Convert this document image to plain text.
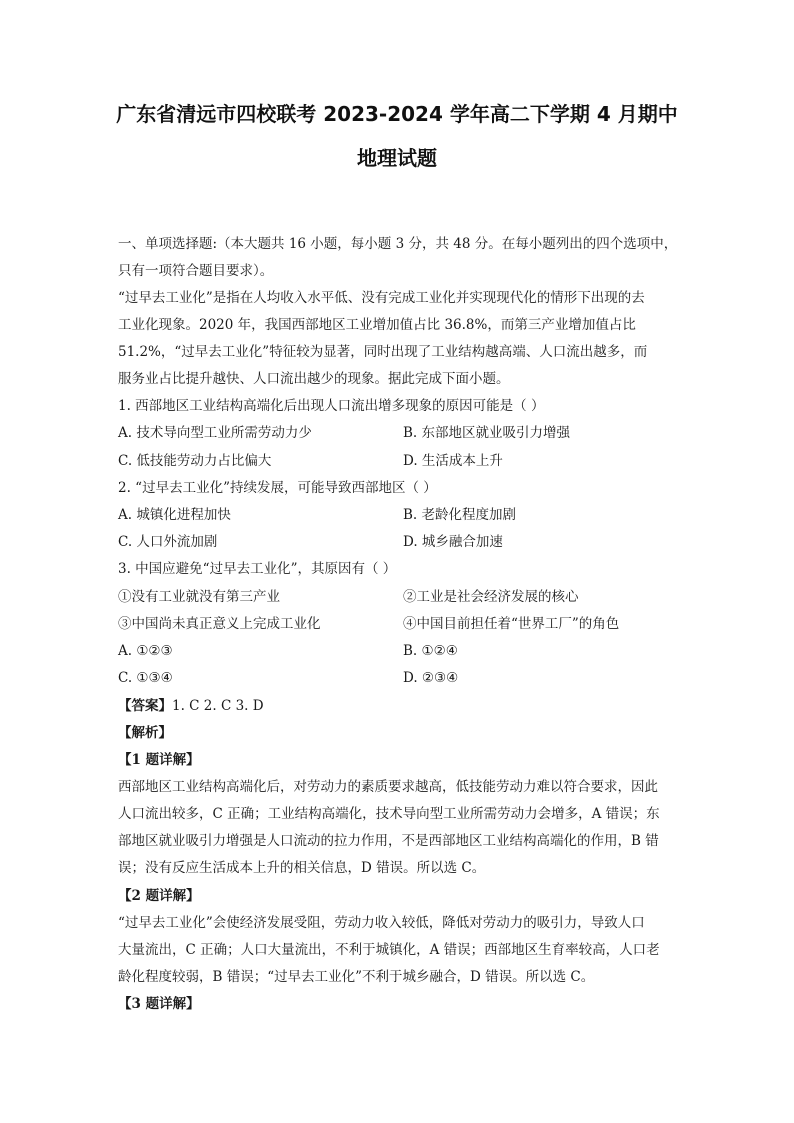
广东省清远市四校联考 2023-2024 学年高二下学期 4 月期中
地理试题
一、单项选择题:（本大题共 16 小题，每小题 3 分，共 48 分。在每小题列出的四个选项中，
只有一项符合题目要求）。
“过早去工业化”是指在人均收入水平低、没有完成工业化并实现现代化的情形下出现的去
工业化现象。2020 年，我国西部地区工业增加值占比 36.8%，而第三产业增加值占比
51.2%，“过早去工业化”特征较为显著，同时出现了工业结构越高端、人口流出越多，而
服务业占比提升越快、人口流出越少的现象。据此完成下面小题。
1. 西部地区工业结构高端化后出现人口流出增多现象的原因可能是（ ）
A. 技术导向型工业所需劳动力少	B. 东部地区就业吸引力增强
C. 低技能劳动力占比偏大	D. 生活成本上升
2. “过早去工业化”持续发展，可能导致西部地区（ ）
A. 城镇化进程加快	B. 老龄化程度加剧
C. 人口外流加剧	D. 城乡融合加速
3. 中国应避免“过早去工业化”，其原因有（ ）
①没有工业就没有第三产业	②工业是社会经济发展的核心
③中国尚未真正意义上完成工业化	④中国目前担任着“世界工厂”的角色
A. ①②③	B. ①②④
C. ①③④	D. ②③④
【答案】1. C 2. C 3. D
【解析】
【1 题详解】
西部地区工业结构高端化后，对劳动力的素质要求越高，低技能劳动力难以符合要求，因此
人口流出较多，C 正确；工业结构高端化，技术导向型工业所需劳动力会增多，A 错误；东
部地区就业吸引力增强是人口流动的拉力作用，不是西部地区工业结构高端化的作用，B 错
误；没有反应生活成本上升的相关信息，D 错误。所以选 C。
【2 题详解】
“过早去工业化”会使经济发展受阻，劳动力收入较低，降低对劳动力的吸引力，导致人口
大量流出，C 正确；人口大量流出，不利于城镇化，A 错误；西部地区生育率较高，人口老
龄化程度较弱，B 错误；“过早去工业化”不利于城乡融合，D 错误。所以选 C。
【3 题详解】
